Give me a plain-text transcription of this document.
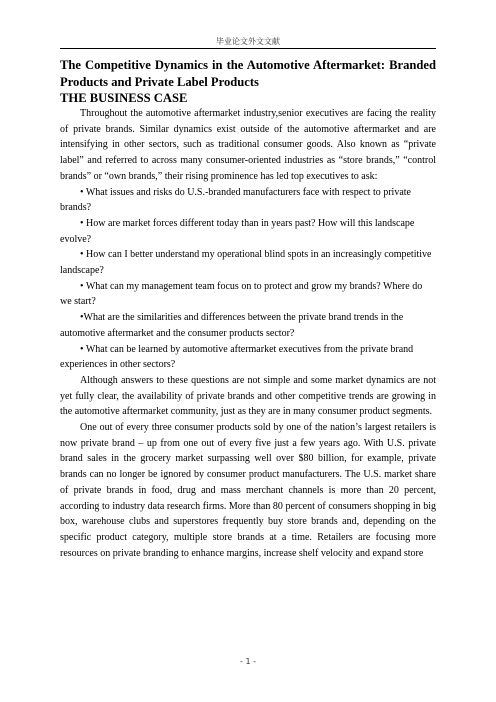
毕业论文外文文献

The Competitive Dynamics in the Automotive Aftermarket: Branded Products and Private Label Products

THE BUSINESS CASE

Throughout the automotive aftermarket industry,senior executives are facing the reality of private brands. Similar dynamics exist outside of the automotive aftermarket and are intensifying in other sectors, such as traditional consumer goods. Also known as “private label” and referred to across many consumer-oriented industries as “store brands,” “control brands” or “own brands,” their rising prominence has led top executives to ask:

• What issues and risks do U.S.-branded manufacturers face with respect to private brands?

• How are market forces different today than in years past? How will this landscape evolve?

• How can I better understand my operational blind spots in an increasingly competitive landscape?

• What can my management team focus on to protect and grow my brands? Where do we start?

•What are the similarities and differences between the private brand trends in the automotive aftermarket and the consumer products sector?

• What can be learned by automotive aftermarket executives from the private brand experiences in other sectors?

Although answers to these questions are not simple and some market dynamics are not yet fully clear, the availability of private brands and other competitive trends are growing in the automotive aftermarket community, just as they are in many consumer product segments.

One out of every three consumer products sold by one of the nation’s largest retailers is now private brand – up from one out of every five just a few years ago. With U.S. private brand sales in the grocery market surpassing well over $80 billion, for example, private brands can no longer be ignored by consumer product manufacturers. The U.S. market share of private brands in food, drug and mass merchant channels is more than 20 percent, according to industry data research firms. More than 80 percent of consumers shopping in big box, warehouse clubs and superstores frequently buy store brands and, depending on the specific product category, multiple store brands at a time. Retailers are focusing more resources on private branding to enhance margins, increase shelf velocity and expand store

- 1 -
